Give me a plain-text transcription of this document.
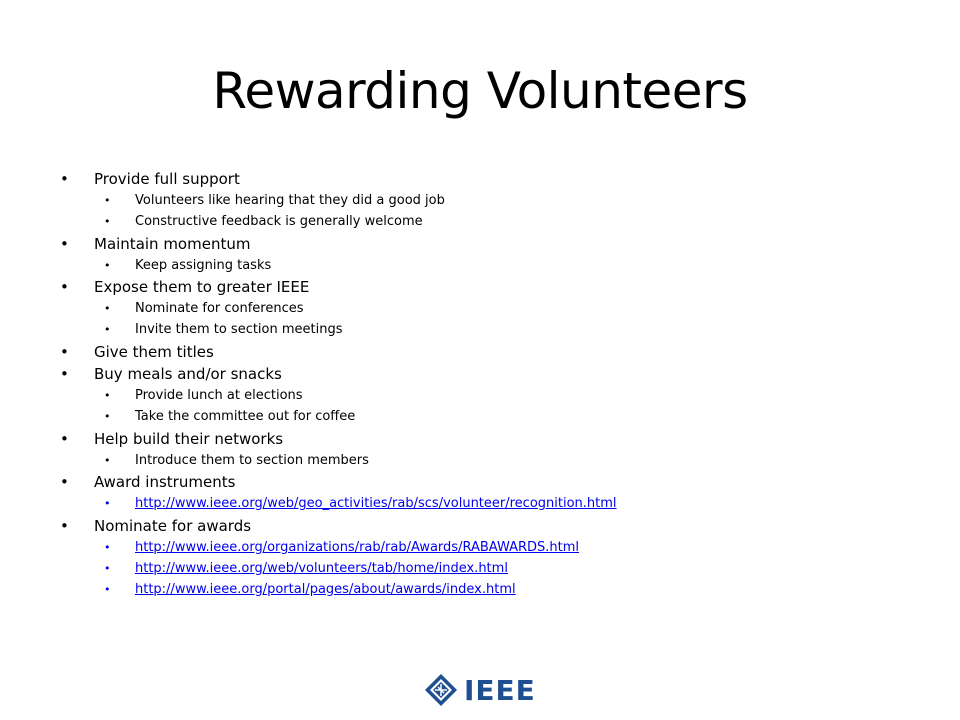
Rewarding Volunteers
• Provide full support
• Volunteers like hearing that they did a good job
• Constructive feedback is generally welcome
• Maintain momentum
• Keep assigning tasks
• Expose them to greater IEEE
• Nominate for conferences
• Invite them to section meetings
• Give them titles
• Buy meals and/or snacks
• Provide lunch at elections
• Take the committee out for coffee
• Help build their networks
• Introduce them to section members
• Award instruments
• http://www.ieee.org/web/geo_activities/rab/scs/volunteer/recognition.html
• Nominate for awards
• http://www.ieee.org/organizations/rab/rab/Awards/RABAWARDS.html
• http://www.ieee.org/web/volunteers/tab/home/index.html
• http://www.ieee.org/portal/pages/about/awards/index.html
IEEE
